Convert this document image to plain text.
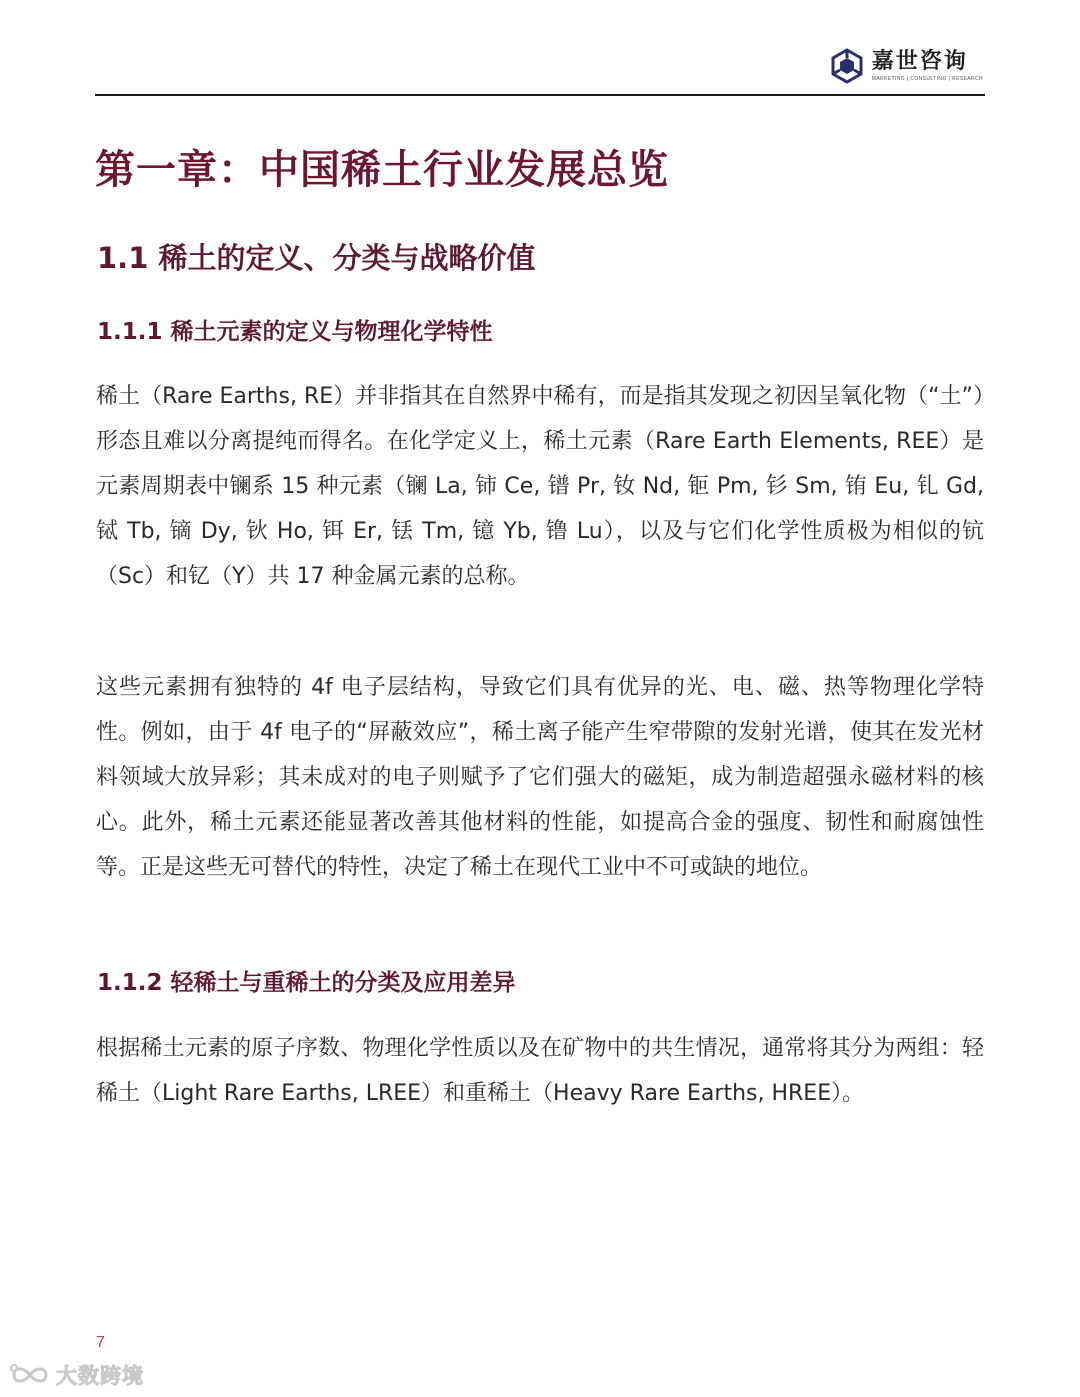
嘉世咨询
MARKETING | CONSULTING | RESEARCH
第一章：中国稀土行业发展总览
1.1 稀土的定义、分类与战略价值
1.1.1 稀土元素的定义与物理化学特性

稀土（Rare Earths, RE）并非指其在自然界中稀有，而是指其发现之初因呈氧化物（“土”）形态且难以分离提纯而得名。在化学定义上，稀土元素（Rare Earth Elements, REE）是元素周期表中镧系 15 种元素（镧 La, 铈 Ce, 镨 Pr, 钕 Nd, 钷 Pm, 钐 Sm, 铕 Eu, 钆 Gd, 铽 Tb, 镝 Dy, 钬 Ho, 铒 Er, 铥 Tm, 镱 Yb, 镥 Lu），以及与它们化学性质极为相似的钪（Sc）和钇（Y）共 17 种金属元素的总称。

这些元素拥有独特的 4f 电子层结构，导致它们具有优异的光、电、磁、热等物理化学特性。例如，由于 4f 电子的“屏蔽效应”，稀土离子能产生窄带隙的发射光谱，使其在发光材料领域大放异彩；其未成对的电子则赋予了它们强大的磁矩，成为制造超强永磁材料的核心。此外，稀土元素还能显著改善其他材料的性能，如提高合金的强度、韧性和耐腐蚀性等。正是这些无可替代的特性，决定了稀土在现代工业中不可或缺的地位。

1.1.2 轻稀土与重稀土的分类及应用差异

根据稀土元素的原子序数、物理化学性质以及在矿物中的共生情况，通常将其分为两组：轻稀土（Light Rare Earths, LREE）和重稀土（Heavy Rare Earths, HREE）。

7
大数跨境
